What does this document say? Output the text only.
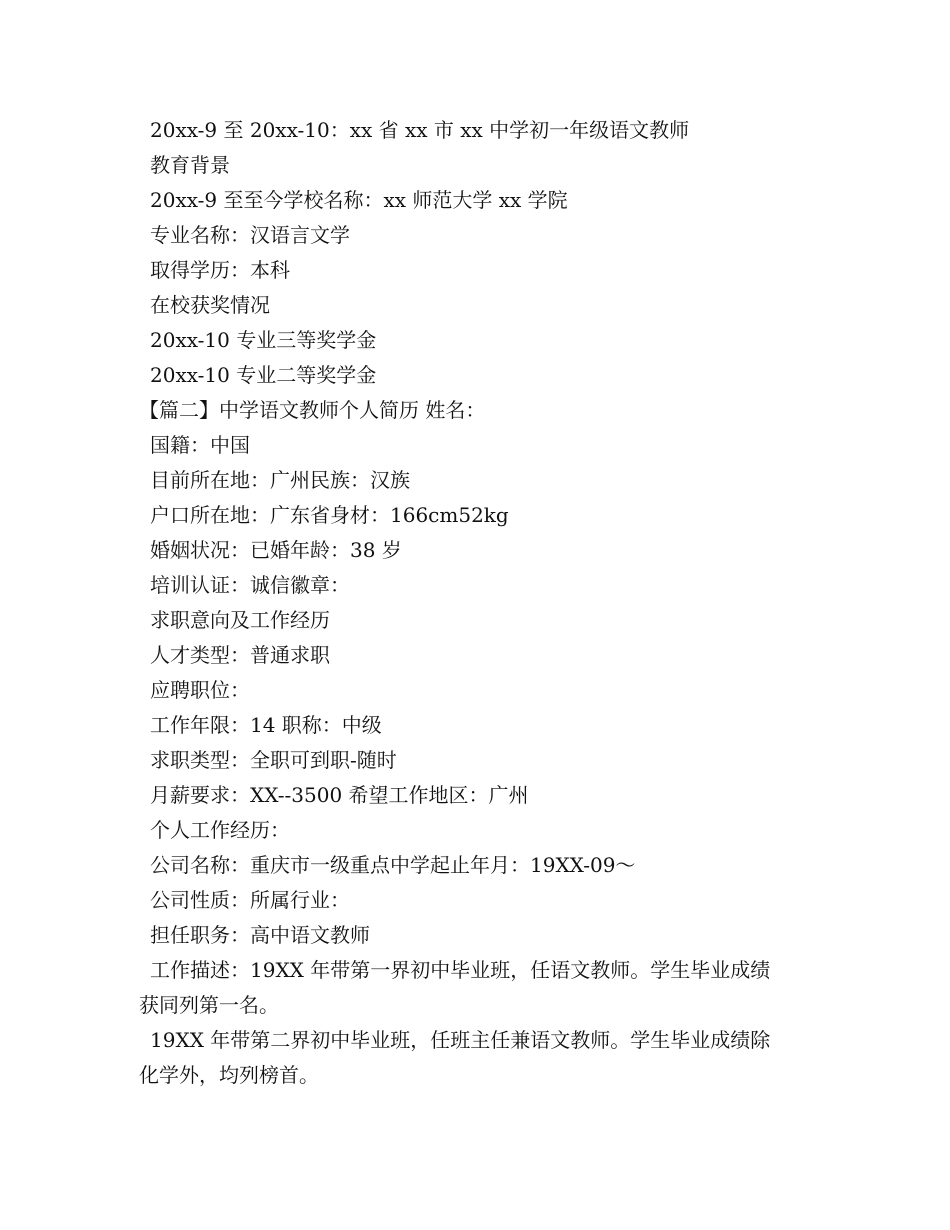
20xx-9 至 20xx-10：xx 省 xx 市 xx 中学初一年级语文教师
教育背景
20xx-9 至至今学校名称：xx 师范大学 xx 学院
专业名称：汉语言文学
取得学历：本科
在校获奖情况
20xx-10 专业三等奖学金
20xx-10 专业二等奖学金
【篇二】中学语文教师个人简历 姓名：
国籍：中国
目前所在地：广州民族：汉族
户口所在地：广东省身材：166cm52kg
婚姻状况：已婚年龄：38 岁
培训认证：诚信徽章：
求职意向及工作经历
人才类型：普通求职
应聘职位：
工作年限：14 职称：中级
求职类型：全职可到职-随时
月薪要求：XX--3500 希望工作地区：广州
个人工作经历：
公司名称：重庆市一级重点中学起止年月：19XX-09～
公司性质：所属行业：
担任职务：高中语文教师
工作描述：19XX 年带第一界初中毕业班，任语文教师。学生毕业成绩
获同列第一名。
19XX 年带第二界初中毕业班，任班主任兼语文教师。学生毕业成绩除
化学外，均列榜首。
